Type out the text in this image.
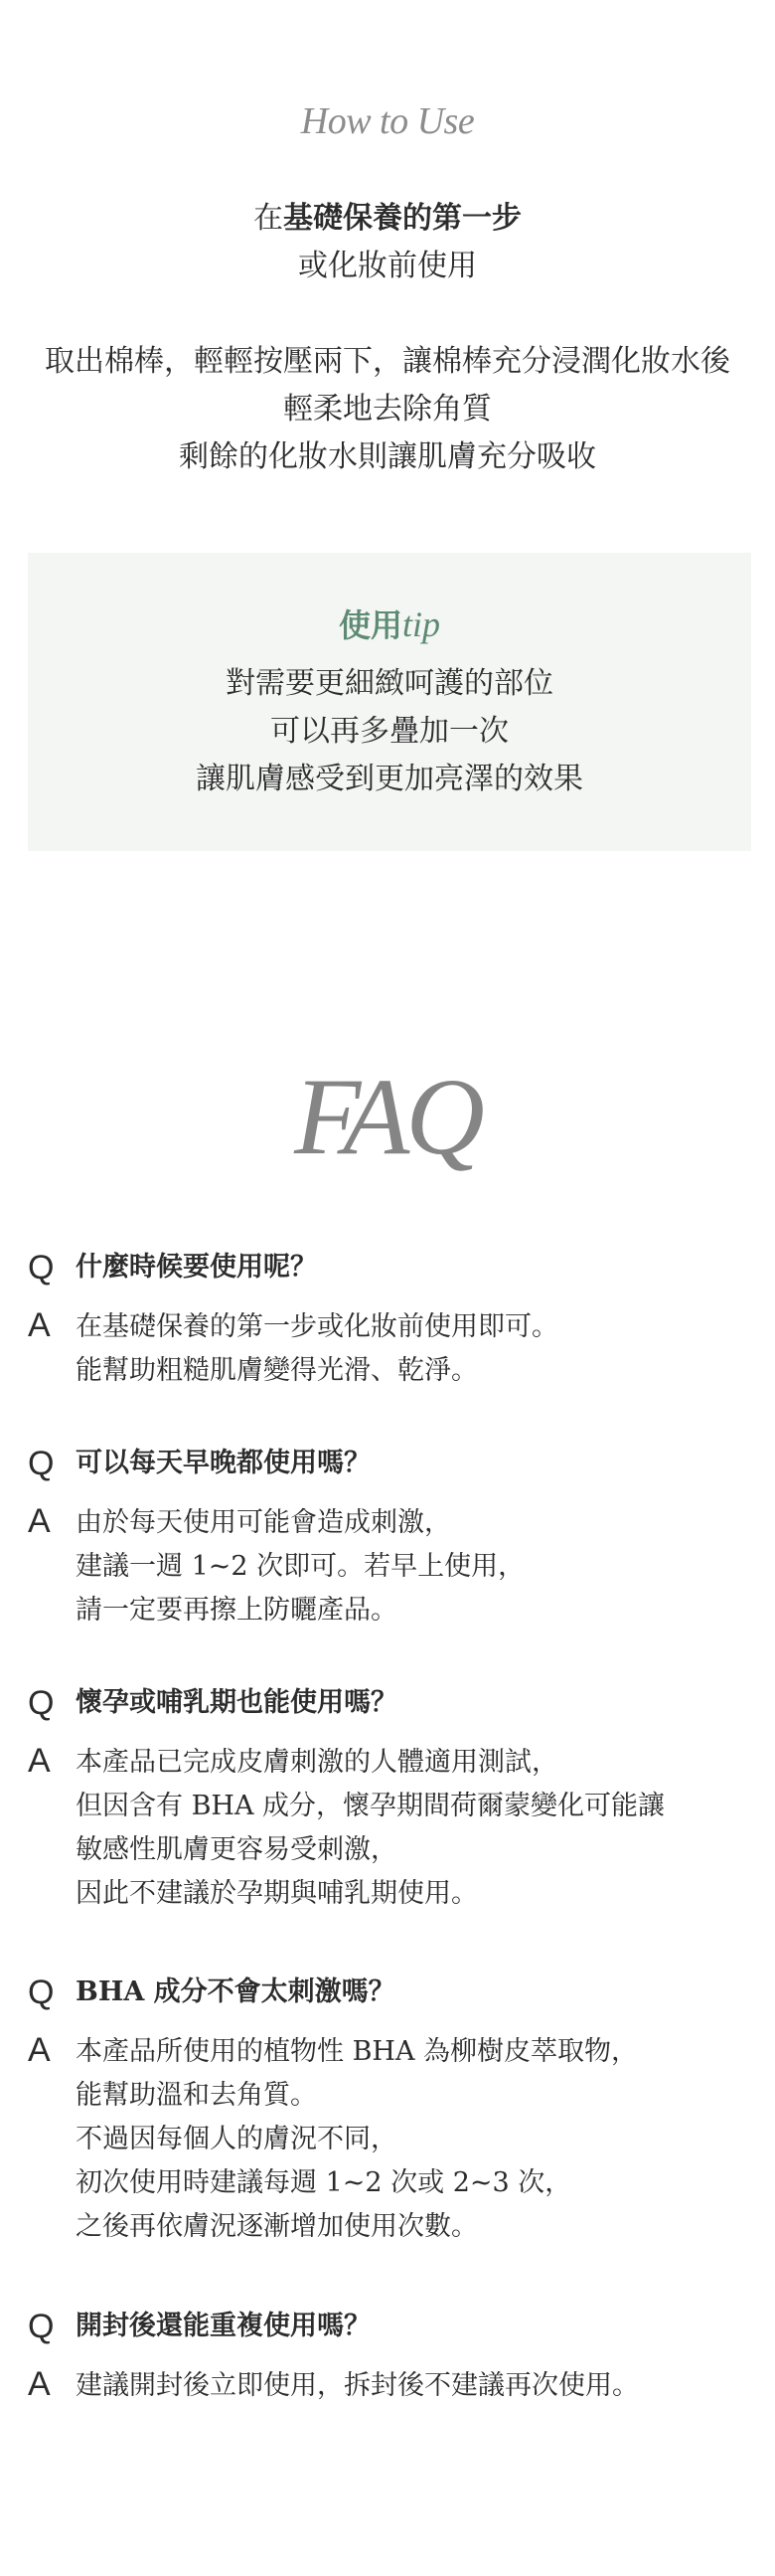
How to Use
在基礎保養的第一步
或化妝前使用
取出棉棒，輕輕按壓兩下，讓棉棒充分浸潤化妝水後
輕柔地去除角質
剩餘的化妝水則讓肌膚充分吸收
使用tip
對需要更細緻呵護的部位
可以再多疊加一次
讓肌膚感受到更加亮澤的效果
FAQ
Q 什麼時候要使用呢？
A 在基礎保養的第一步或化妝前使用即可。
能幫助粗糙肌膚變得光滑、乾淨。
Q 可以每天早晚都使用嗎？
A 由於每天使用可能會造成刺激，
建議一週 1~2 次即可。若早上使用，
請一定要再擦上防曬產品。
Q 懷孕或哺乳期也能使用嗎？
A 本產品已完成皮膚刺激的人體適用測試，
但因含有 BHA 成分，懷孕期間荷爾蒙變化可能讓
敏感性肌膚更容易受刺激，
因此不建議於孕期與哺乳期使用。
Q BHA 成分不會太刺激嗎？
A 本產品所使用的植物性 BHA 為柳樹皮萃取物，
能幫助溫和去角質。
不過因每個人的膚況不同，
初次使用時建議每週 1~2 次或 2~3 次，
之後再依膚況逐漸增加使用次數。
Q 開封後還能重複使用嗎？
A 建議開封後立即使用，拆封後不建議再次使用。
